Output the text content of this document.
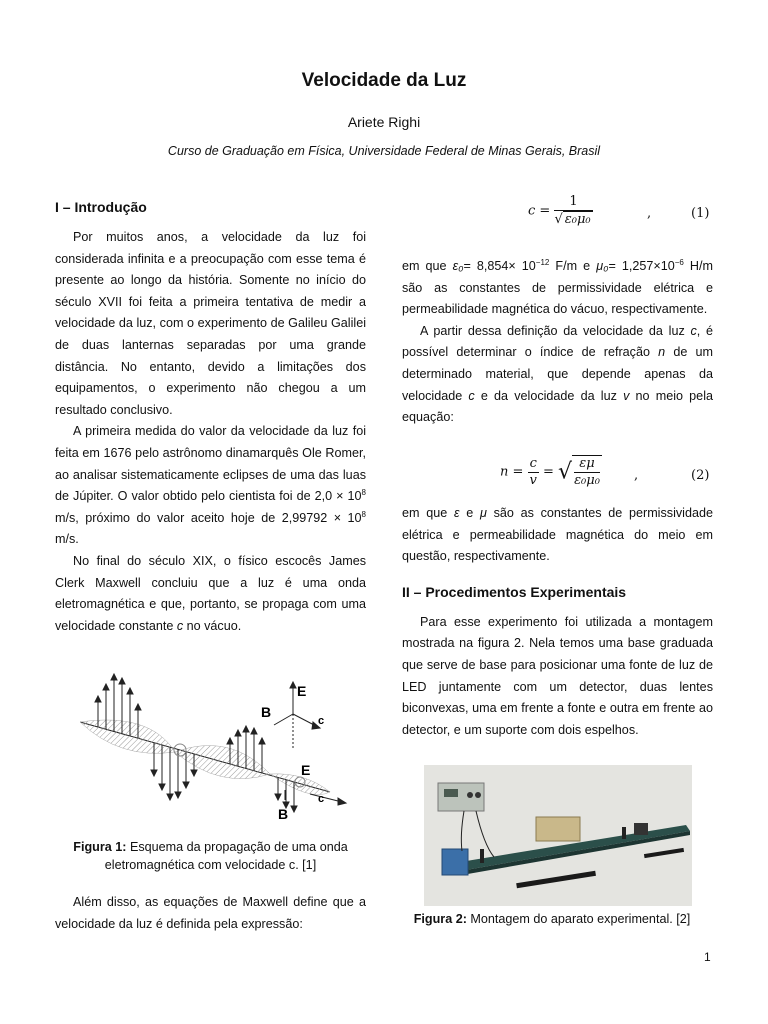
Velocidade da Luz
Ariete Righi
Curso de Graduação em Física, Universidade Federal de Minas Gerais, Brasil
I – Introdução

Por muitos anos, a velocidade da luz foi considerada infinita e a preocupação com esse tema é presente ao longo da história. Somente no início do século XVII foi feita a primeira tentativa de medir a velocidade da luz, com o experimento de Galileu Galilei de duas lanternas separadas por uma grande distância. No entanto, devido a limitações dos equipamentos, o experimento não chegou a um resultado conclusivo.

A primeira medida do valor da velocidade da luz foi feita em 1676 pelo astrônomo dinamarquês Ole Romer, ao analisar sistematicamente eclipses de uma das luas de Júpiter. O valor obtido pelo cientista foi de $2,0 \times 10^8$ m/s, próximo do valor aceito hoje de $2,99792 \times 10^8$ m/s.

No final do século XIX, o físico escocês James Clerk Maxwell concluiu que a luz é uma onda eletromagnética e que, portanto, se propaga com uma velocidade constante c no vácuo.

E
B
c
E
B
c
Figura 1: Esquema da propagação de uma onda eletromagnética com velocidade c. [1]

Além disso, as equações de Maxwell define que a velocidade da luz é definida pela expressão:

$c = \frac{1}{\text{√ ε₀μ₀}}$	,	(1)

em que $\varepsilon_0= 8,854\times 10^{-12}$ F/m e $\mu_0= 1,257\times 10^{-6}$ H/m são as constantes de permissividade elétrica e permeabilidade magnética do vácuo, respectivamente.

A partir dessa definição da velocidade da luz c, é possível determinar o índice de refração n de um determinado material, que depende apenas da velocidade c e da velocidade da luz v no meio pela equação:

$n = \frac{c}{v}$ = √ $\frac{\varepsilon\mu}{\text{ε₀μ₀}}$ ,	(2)

em que ε e μ são as constantes de permissividade elétrica e permeabilidade magnética do meio em questão, respectivamente.

II – Procedimentos Experimentais

Para esse experimento foi utilizada a montagem mostrada na figura 2. Nela temos uma base graduada que serve de base para posicionar uma fonte de luz de LED juntamente com um detector, duas lentes biconvexas, uma em frente a fonte e outra em frente ao detector, e um suporte com dois espelhos.

Figura 2: Montagem do aparato experimental. [2]
1
